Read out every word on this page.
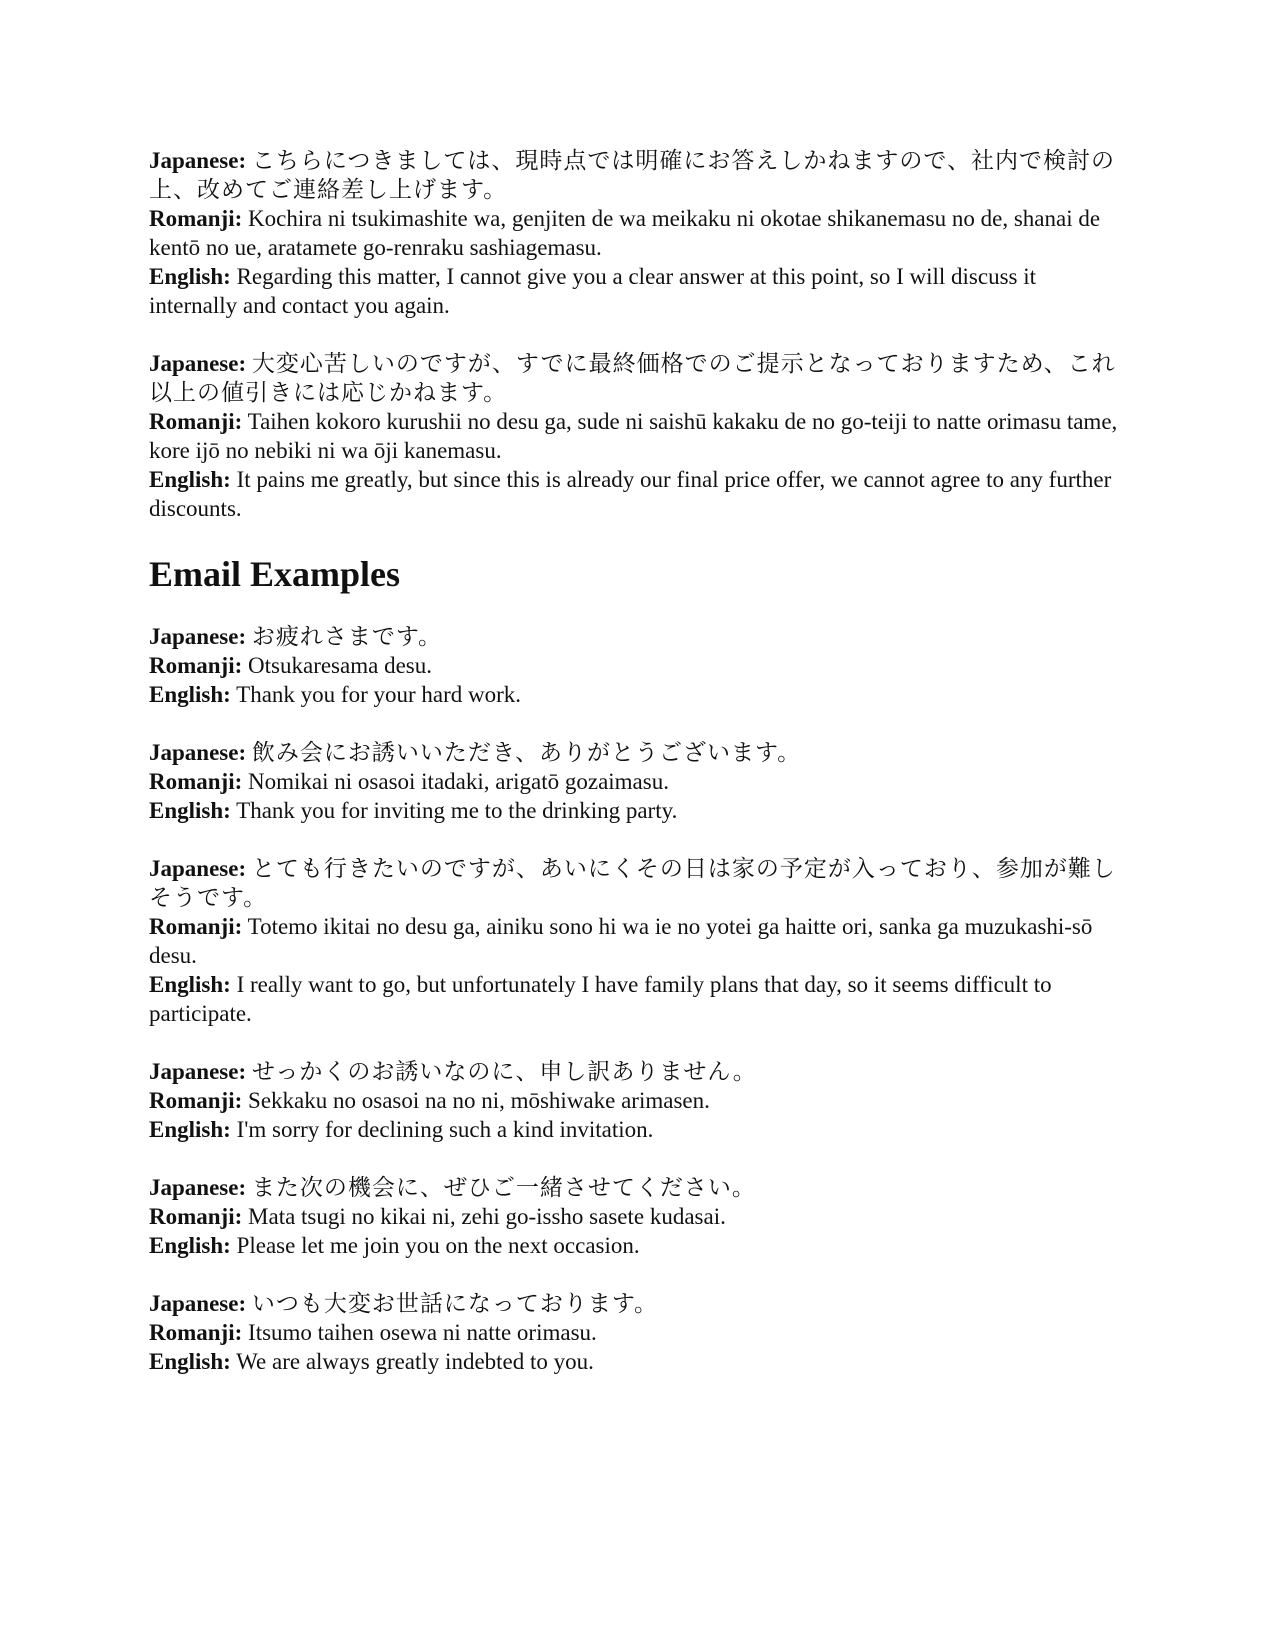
Japanese: こちらにつきましては、現時点では明確にお答えしかねますので、社内で検討の上、改めてご連絡差し上げます。
Romanji: Kochira ni tsukimashite wa, genjiten de wa meikaku ni okotae shikanemasu no de, shanai de kentō no ue, aratamete go-renraku sashiagemasu.
English: Regarding this matter, I cannot give you a clear answer at this point, so I will discuss it internally and contact you again.
Japanese: 大変心苦しいのですが、すでに最終価格でのご提示となっておりますため、これ以上の値引きには応じかねます。
Romanji: Taihen kokoro kurushii no desu ga, sude ni saishū kakaku de no go-teiji to natte orimasu tame, kore ijō no nebiki ni wa ōji kanemasu.
English: It pains me greatly, but since this is already our final price offer, we cannot agree to any further discounts.
Email Examples
Japanese: お疲れさまです。
Romanji: Otsukaresama desu.
English: Thank you for your hard work.
Japanese: 飲み会にお誘いいただき、ありがとうございます。
Romanji: Nomikai ni osasoi itadaki, arigatō gozaimasu.
English: Thank you for inviting me to the drinking party.
Japanese: とても行きたいのですが、あいにくその日は家の予定が入っており、参加が難しそうです。
Romanji: Totemo ikitai no desu ga, ainiku sono hi wa ie no yotei ga haitte ori, sanka ga muzukashi-sō desu.
English: I really want to go, but unfortunately I have family plans that day, so it seems difficult to participate.
Japanese: せっかくのお誘いなのに、申し訳ありません。
Romanji: Sekkaku no osasoi na no ni, mōshiwake arimasen.
English: I'm sorry for declining such a kind invitation.
Japanese: また次の機会に、ぜひご一緒させてください。
Romanji: Mata tsugi no kikai ni, zehi go-issho sasete kudasai.
English: Please let me join you on the next occasion.
Japanese: いつも大変お世話になっております。
Romanji: Itsumo taihen osewa ni natte orimasu.
English: We are always greatly indebted to you.
